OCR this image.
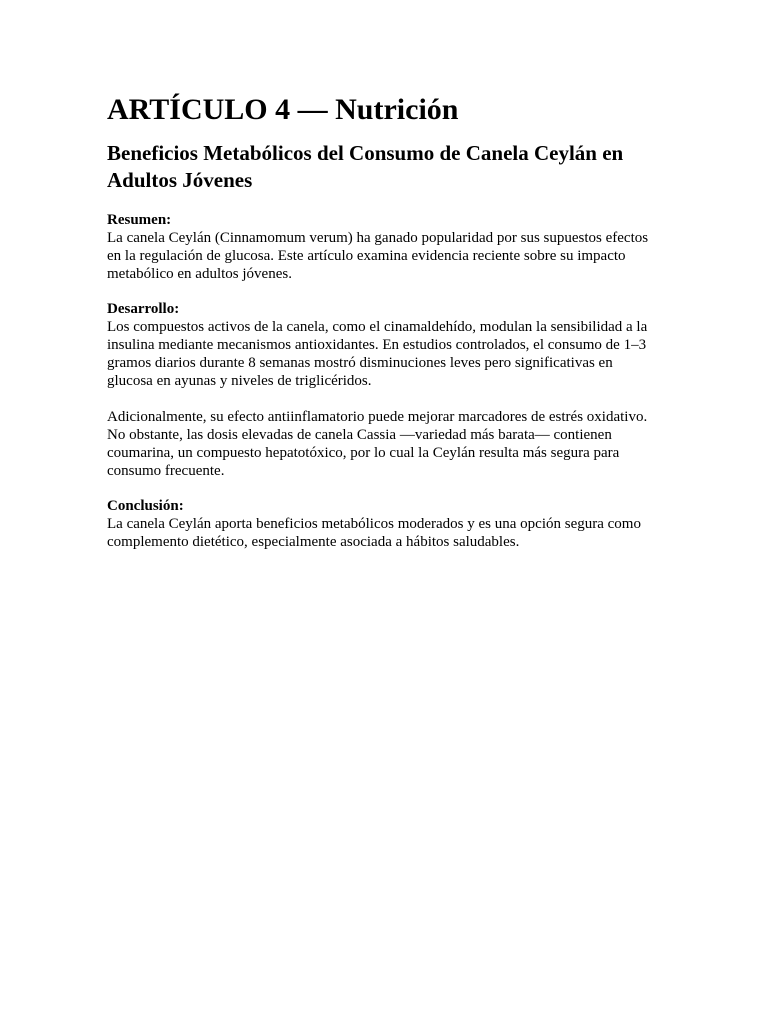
ARTÍCULO 4 — Nutrición
Beneficios Metabólicos del Consumo de Canela Ceylán en Adultos Jóvenes
Resumen:

La canela Ceylán (Cinnamomum verum) ha ganado popularidad por sus supuestos efectos en la regulación de glucosa. Este artículo examina evidencia reciente sobre su impacto metabólico en adultos jóvenes.

Desarrollo:

Los compuestos activos de la canela, como el cinamaldehído, modulan la sensibilidad a la insulina mediante mecanismos antioxidantes. En estudios controlados, el consumo de 1–3 gramos diarios durante 8 semanas mostró disminuciones leves pero significativas en glucosa en ayunas y niveles de triglicéridos.

Adicionalmente, su efecto antiinflamatorio puede mejorar marcadores de estrés oxidativo. No obstante, las dosis elevadas de canela Cassia —variedad más barata— contienen coumarina, un compuesto hepatotóxico, por lo cual la Ceylán resulta más segura para consumo frecuente.

Conclusión:

La canela Ceylán aporta beneficios metabólicos moderados y es una opción segura como complemento dietético, especialmente asociada a hábitos saludables.
